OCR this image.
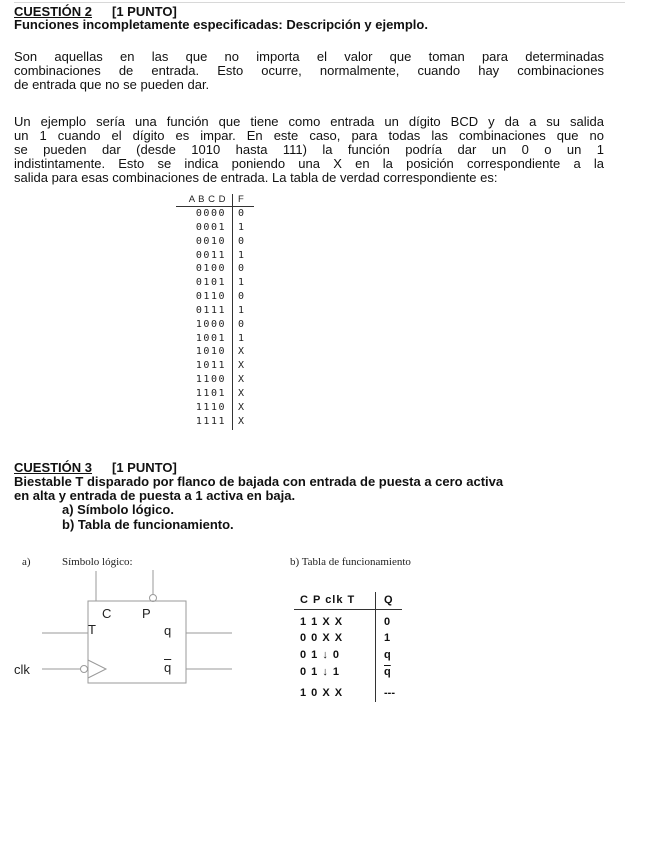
CUESTIÓN 2 [1 PUNTO]
Funciones incompletamente especificadas: Descripción y ejemplo.
Son aquellas en las que no importa el valor que toman para determinadas
combinaciones de entrada. Esto ocurre, normalmente, cuando hay combinaciones
de entrada que no se pueden dar.
Un ejemplo sería una función que tiene como entrada un dígito BCD y da a su salida
un 1 cuando el dígito es impar. En este caso, para todas las combinaciones que no
se pueden dar (desde 1010 hasta 111) la función podría dar un 0 o un 1
indistintamente. Esto se indica poniendo una X en la posición correspondiente a la
salida para esas combinaciones de entrada. La tabla de verdad correspondiente es:
A B C D F
0000 0
0001 1
0010 0
0011 1
0100 0
0101 1
0110 0
0111 1
1000 0
1001 1
1010 X
1011 X
1100 X
1101 X
1110 X
1111 X
CUESTIÓN 3 [1 PUNTO]
Biestable T disparado por flanco de bajada con entrada de puesta a cero activa
en alta y entrada de puesta a 1 activa en baja.
a) Símbolo lógico.
b) Tabla de funcionamiento.
a)	Símbolo lógico:
C P
T	q
$\overline{q}$
clk
b) Tabla de funcionamiento
C P clk T	Q
1 1 X X	0
0 0 X X	1
0 1 ↓ 0	q
0 1 ↓ 1	$\overline{q}$
1 0 X X	---
